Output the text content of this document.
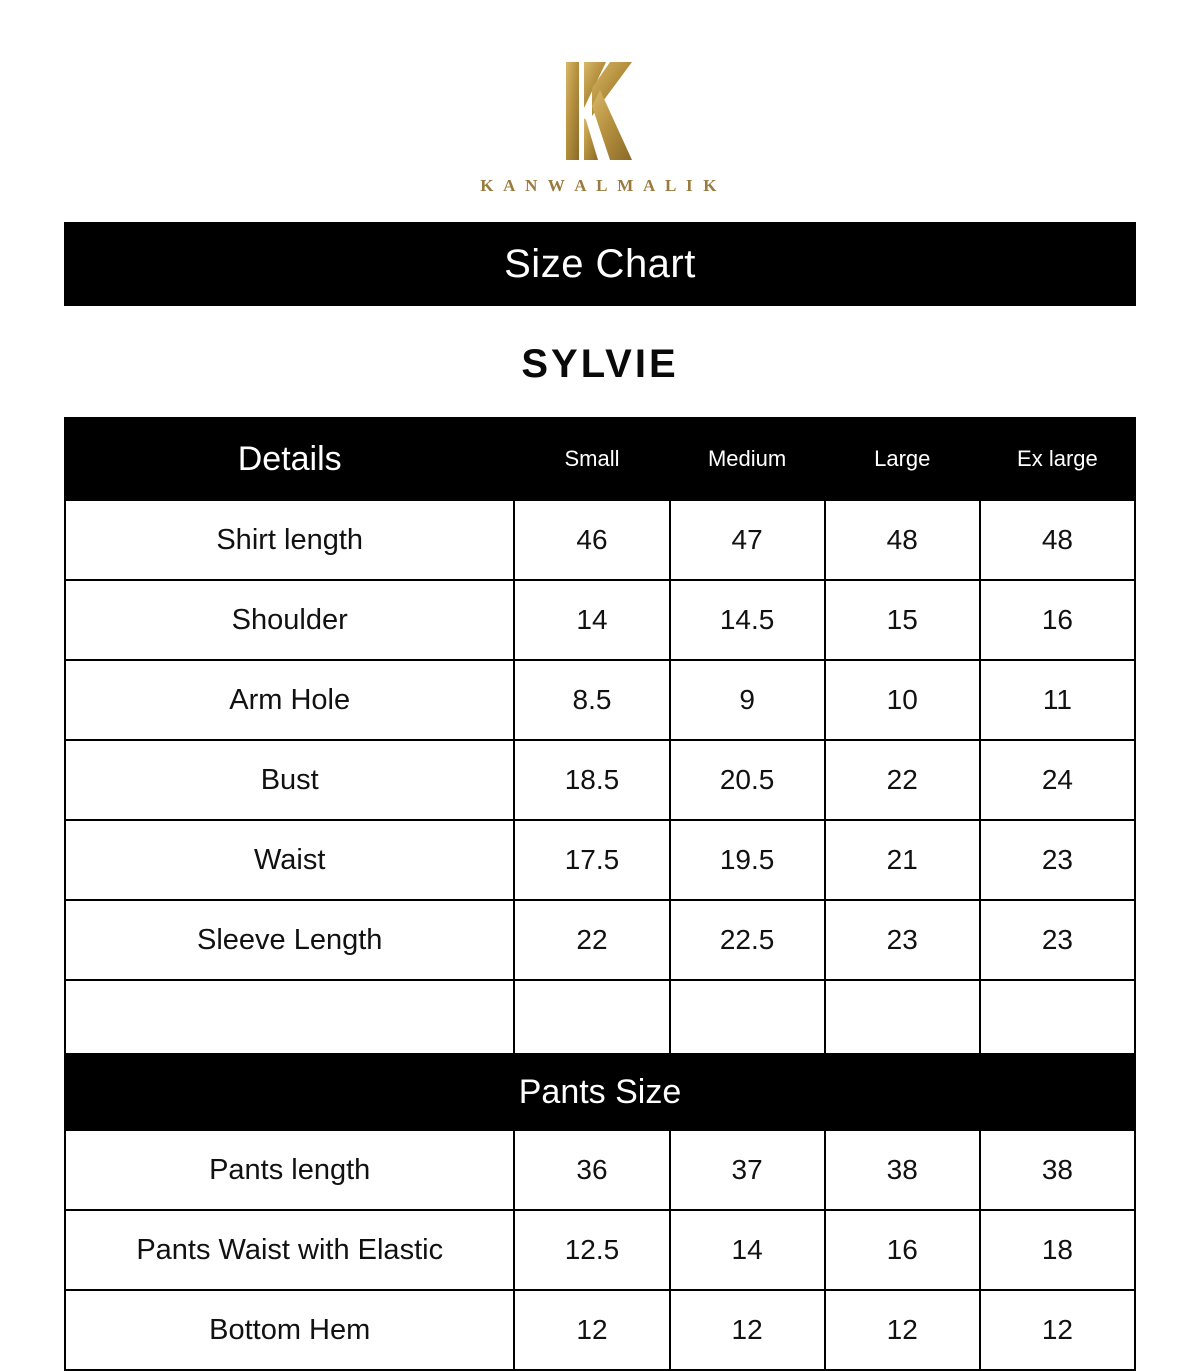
K A N W A L M A L I K
Size Chart
SYLVIE
Details	Small	Medium	Large	Ex large
Shirt length	46	47	48	48
Shoulder	14	14.5	15	16
Arm Hole	8.5	9	10	11
Bust	18.5	20.5	22	24
Waist	17.5	19.5	21	23
Sleeve Length	22	22.5	23	23

Pants Size				
Pants length	36	37	38	38
Pants Waist with Elastic	12.5	14	16	18
Bottom Hem	12	12	12	12
